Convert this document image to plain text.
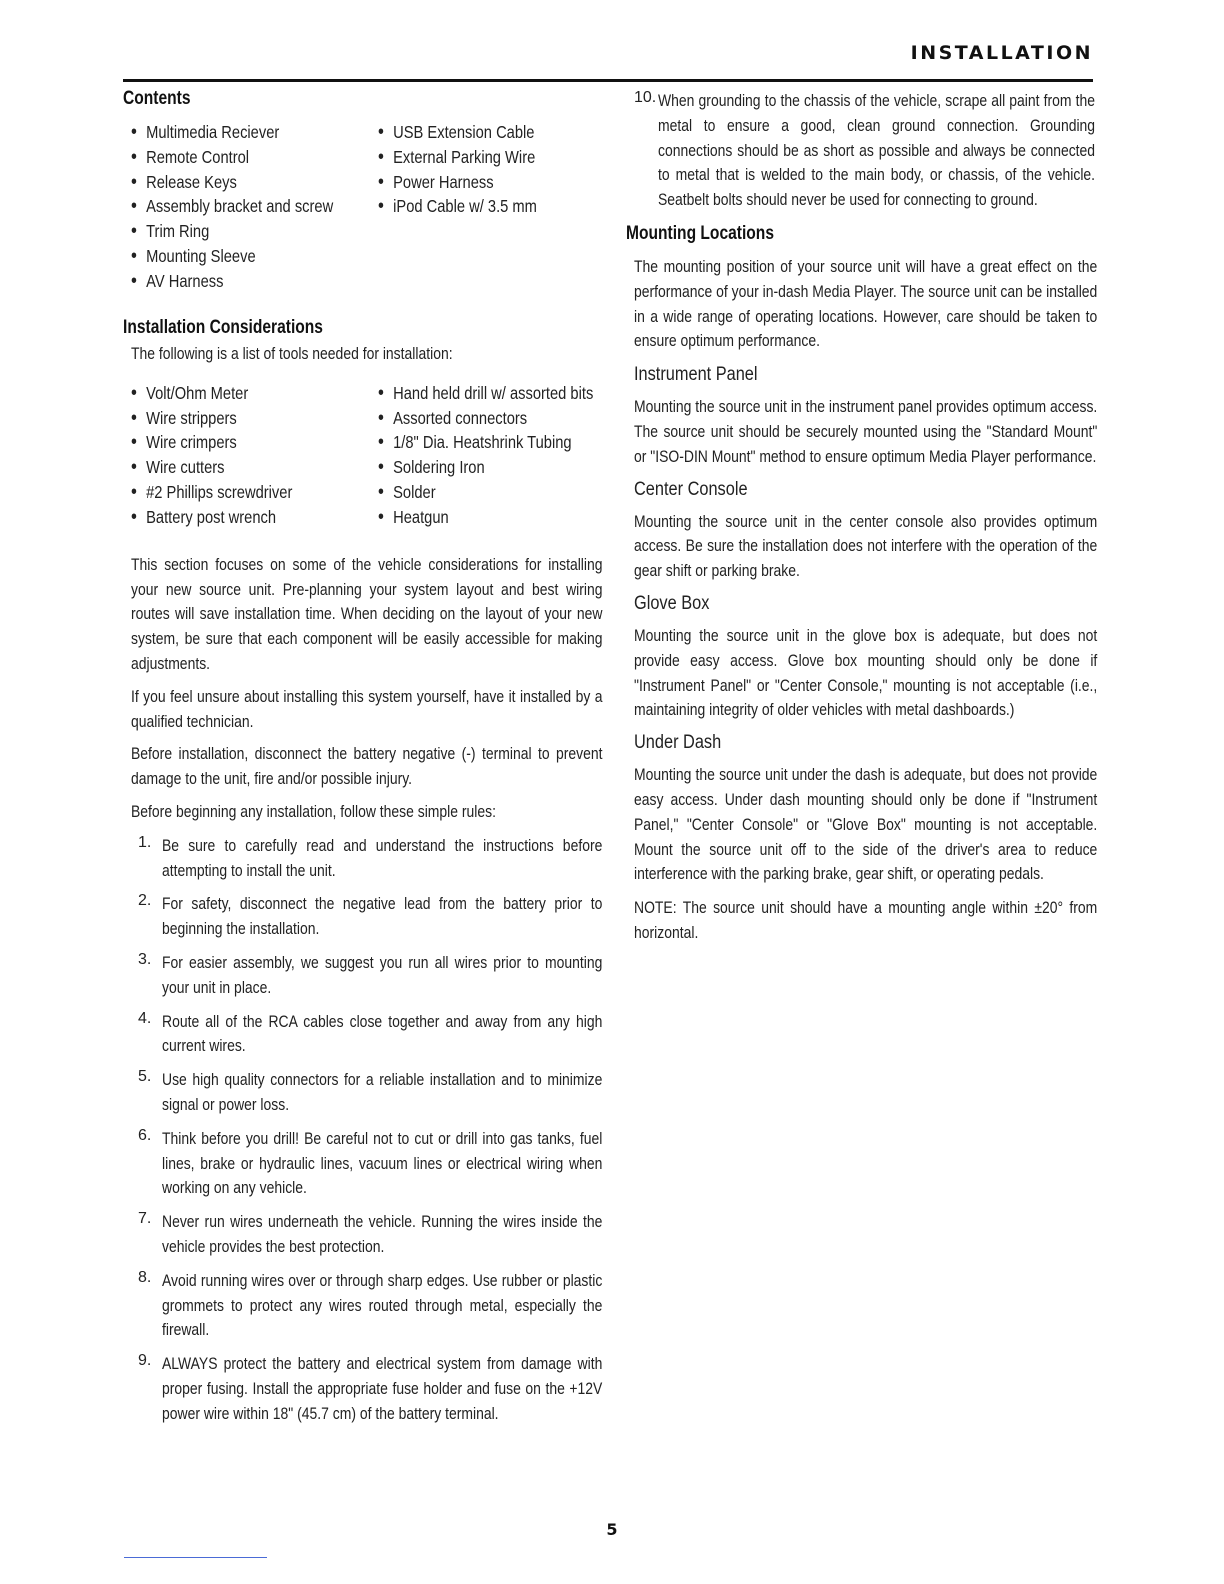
INSTALLATION
Contents
• Multimedia Reciever
• Remote Control
• Release Keys
• Assembly bracket and screw
• Trim Ring
• Mounting Sleeve
• AV Harness
• USB Extension Cable
• External Parking Wire
• Power Harness
• iPod Cable w/ 3.5 mm
Installation Considerations
The following is a list of tools needed for installation:
• Volt/Ohm Meter
• Wire strippers
• Wire crimpers
• Wire cutters
• #2 Phillips screwdriver
• Battery post wrench
• Hand held drill w/ assorted bits
• Assorted connectors
• 1/8" Dia. Heatshrink Tubing
• Soldering Iron
• Solder
• Heatgun

This section focuses on some of the vehicle considerations for installing your new source unit. Pre-planning your system layout and best wiring routes will save installation time. When deciding on the layout of your new system, be sure that each component will be easily accessible for making adjustments.

If you feel unsure about installing this system yourself, have it installed by a qualified technician.

Before installation, disconnect the battery negative (-) terminal to prevent damage to the unit, fire and/or possible injury.

Before beginning any installation, follow these simple rules:

1. Be sure to carefully read and understand the instructions before attempting to install the unit.

2. For safety, disconnect the negative lead from the battery prior to beginning the installation.

3. For easier assembly, we suggest you run all wires prior to mounting your unit in place.

4. Route all of the RCA cables close together and away from any high current wires.

5. Use high quality connectors for a reliable installation and to minimize signal or power loss.

6. Think before you drill! Be careful not to cut or drill into gas tanks, fuel lines, brake or hydraulic lines, vacuum lines or electrical wiring when working on any vehicle.

7. Never run wires underneath the vehicle. Running the wires inside the vehicle provides the best protection.

8. Avoid running wires over or through sharp edges. Use rubber or plastic grommets to protect any wires routed through metal, especially the firewall.

9. ALWAYS protect the battery and electrical system from damage with proper fusing. Install the appropriate fuse holder and fuse on the +12V power wire within 18" (45.7 cm) of the battery terminal.

10. When grounding to the chassis of the vehicle, scrape all paint from the metal to ensure a good, clean ground connection. Grounding connections should be as short as possible and always be connected to metal that is welded to the main body, or chassis, of the vehicle. Seatbelt bolts should never be used for connecting to ground.

Mounting Locations

The mounting position of your source unit will have a great effect on the performance of your in-dash Media Player. The source unit can be installed in a wide range of operating locations. However, care should be taken to ensure optimum performance.

Instrument Panel

Mounting the source unit in the instrument panel provides optimum access. The source unit should be securely mounted using the "Standard Mount" or "ISO-DIN Mount" method to ensure optimum Media Player performance.

Center Console

Mounting the source unit in the center console also provides optimum access. Be sure the installation does not interfere with the operation of the gear shift or parking brake.

Glove Box

Mounting the source unit in the glove box is adequate, but does not provide easy access. Glove box mounting should only be done if "Instrument Panel" or "Center Console," mounting is not acceptable (i.e., maintaining integrity of older vehicles with metal dashboards.)

Under Dash

Mounting the source unit under the dash is adequate, but does not provide easy access. Under dash mounting should only be done if "Instrument Panel," "Center Console" or "Glove Box" mounting is not acceptable. Mount the source unit off to the side of the driver's area to reduce interference with the parking brake, gear shift, or operating pedals.

NOTE: The source unit should have a mounting angle within ±20° from horizontal.

5
